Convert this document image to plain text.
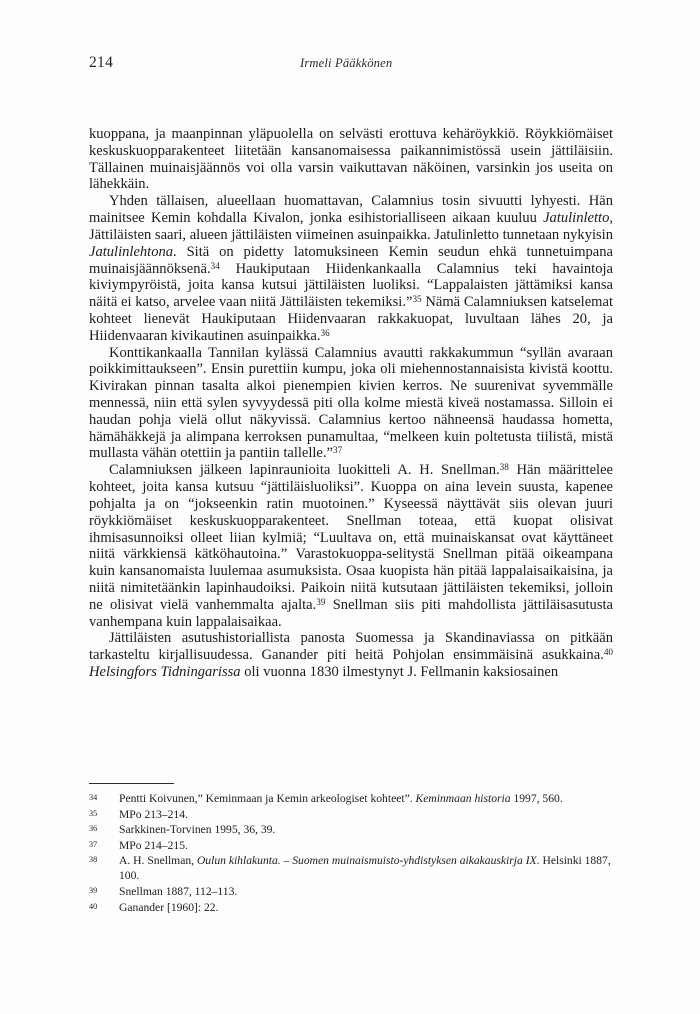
214	Irmeli Pääkkönen

kuoppana, ja maanpinnan yläpuolella on selvästi erottuva kehäröykkiö. Röykkiömäiset keskuskuopparakenteet liitetään kansanomaisessa paikannimistössä usein jättiläisiin. Tällainen muinaisjäännös voi olla varsin vaikuttavan näköinen, varsinkin jos useita on lähekkäin.

Yhden tällaisen, alueellaan huomattavan, Calamnius tosin sivuutti lyhyesti. Hän mainitsee Kemin kohdalla Kivalon, jonka esihistorialliseen aikaan kuuluu Jatulinletto, Jättiläisten saari, alueen jättiläisten viimeinen asuinpaikka. Jatulinletto tunnetaan nykyisin Jatulinlehtona. Sitä on pidetty latomuksineen Kemin seudun ehkä tunnetuimpana muinaisjäännöksenä.$^{34}$ Haukiputaan Hiidenkankaalla Calamnius teki havaintoja kiviympyröistä, joita kansa kutsui jättiläisten luoliksi. “Lappalaisten jättämiksi kansa näitä ei katso, arvelee vaan niitä Jättiläisten tekemiksi.”$^{35}$ Nämä Calamniuksen katselemat kohteet lienevät Haukiputaan Hiidenvaaran rakkakuopat, luvultaan lähes 20, ja Hiidenvaaran kivikautinen asuinpaikka.$^{36}$

Konttikankaalla Tannilan kylässä Calamnius avautti rakkakummun “syllän avaraan poikkimittaukseen”. Ensin purettiin kumpu, joka oli miehennostannaisista kivistä koottu. Kivirakan pinnan tasalta alkoi pienempien kivien kerros. Ne suurenivat syvemmälle mennessä, niin että sylen syvyydessä piti olla kolme miestä kiveä nostamassa. Silloin ei haudan pohja vielä ollut näkyvissä. Calamnius kertoo nähneensä haudassa hometta, hämähäkkejä ja alimpana kerroksen punamultaa, “melkeen kuin poltetusta tiilistä, mistä mullasta vähän otettiin ja pantiin tallelle.”$^{37}$

Calamniuksen jälkeen lapinraunioita luokitteli A. H. Snellman.$^{38}$ Hän määrittelee kohteet, joita kansa kutsuu “jättiläisluoliksi”. Kuoppa on aina levein suusta, kapenee pohjalta ja on “jokseenkin ratin muotoinen.” Kyseessä näyttävät siis olevan juuri röykkiömäiset keskuskuopparakenteet. Snellman toteaa, että kuopat olisivat ihmisasunnoiksi olleet liian kylmiä; “Luultava on, että muinaiskansat ovat käyttäneet niitä värkkiensä kätköhautoina.” Varastokuoppa-selitystä Snellman pitää oikeampana kuin kansanomaista luulemaa asumuksista. Osaa kuopista hän pitää lappalaisaikaisina, ja niitä nimitetäänkin lapinhaudoiksi. Paikoin niitä kutsutaan jättiläisten tekemiksi, jolloin ne olisivat vielä vanhemmalta ajalta.$^{39}$ Snellman siis piti mahdollista jättiläisasutusta vanhempana kuin lappalaisaikaa.

Jättiläisten asutushistoriallista panosta Suomessa ja Skandinaviassa on pitkään tarkasteltu kirjallisuudessa. Ganander piti heitä Pohjolan ensimmäisinä asukkaina.$^{40}$ Helsingfors Tidningarissa oli vuonna 1830 ilmestynyt J. Fellmanin kaksiosainen

34 Pentti Koivunen,” Keminmaan ja Kemin arkeologiset kohteet”. Keminmaan historia 1997, 560.
35 MPo 213–214.
36 Sarkkinen-Torvinen 1995, 36, 39.
37 MPo 214–215.
38 A. H. Snellman, Oulun kihlakunta. – Suomen muinaismuisto-yhdistyksen aikakauskirja IX. Helsinki 1887, 100.
39 Snellman 1887, 112–113.
40 Ganander [1960]: 22.
